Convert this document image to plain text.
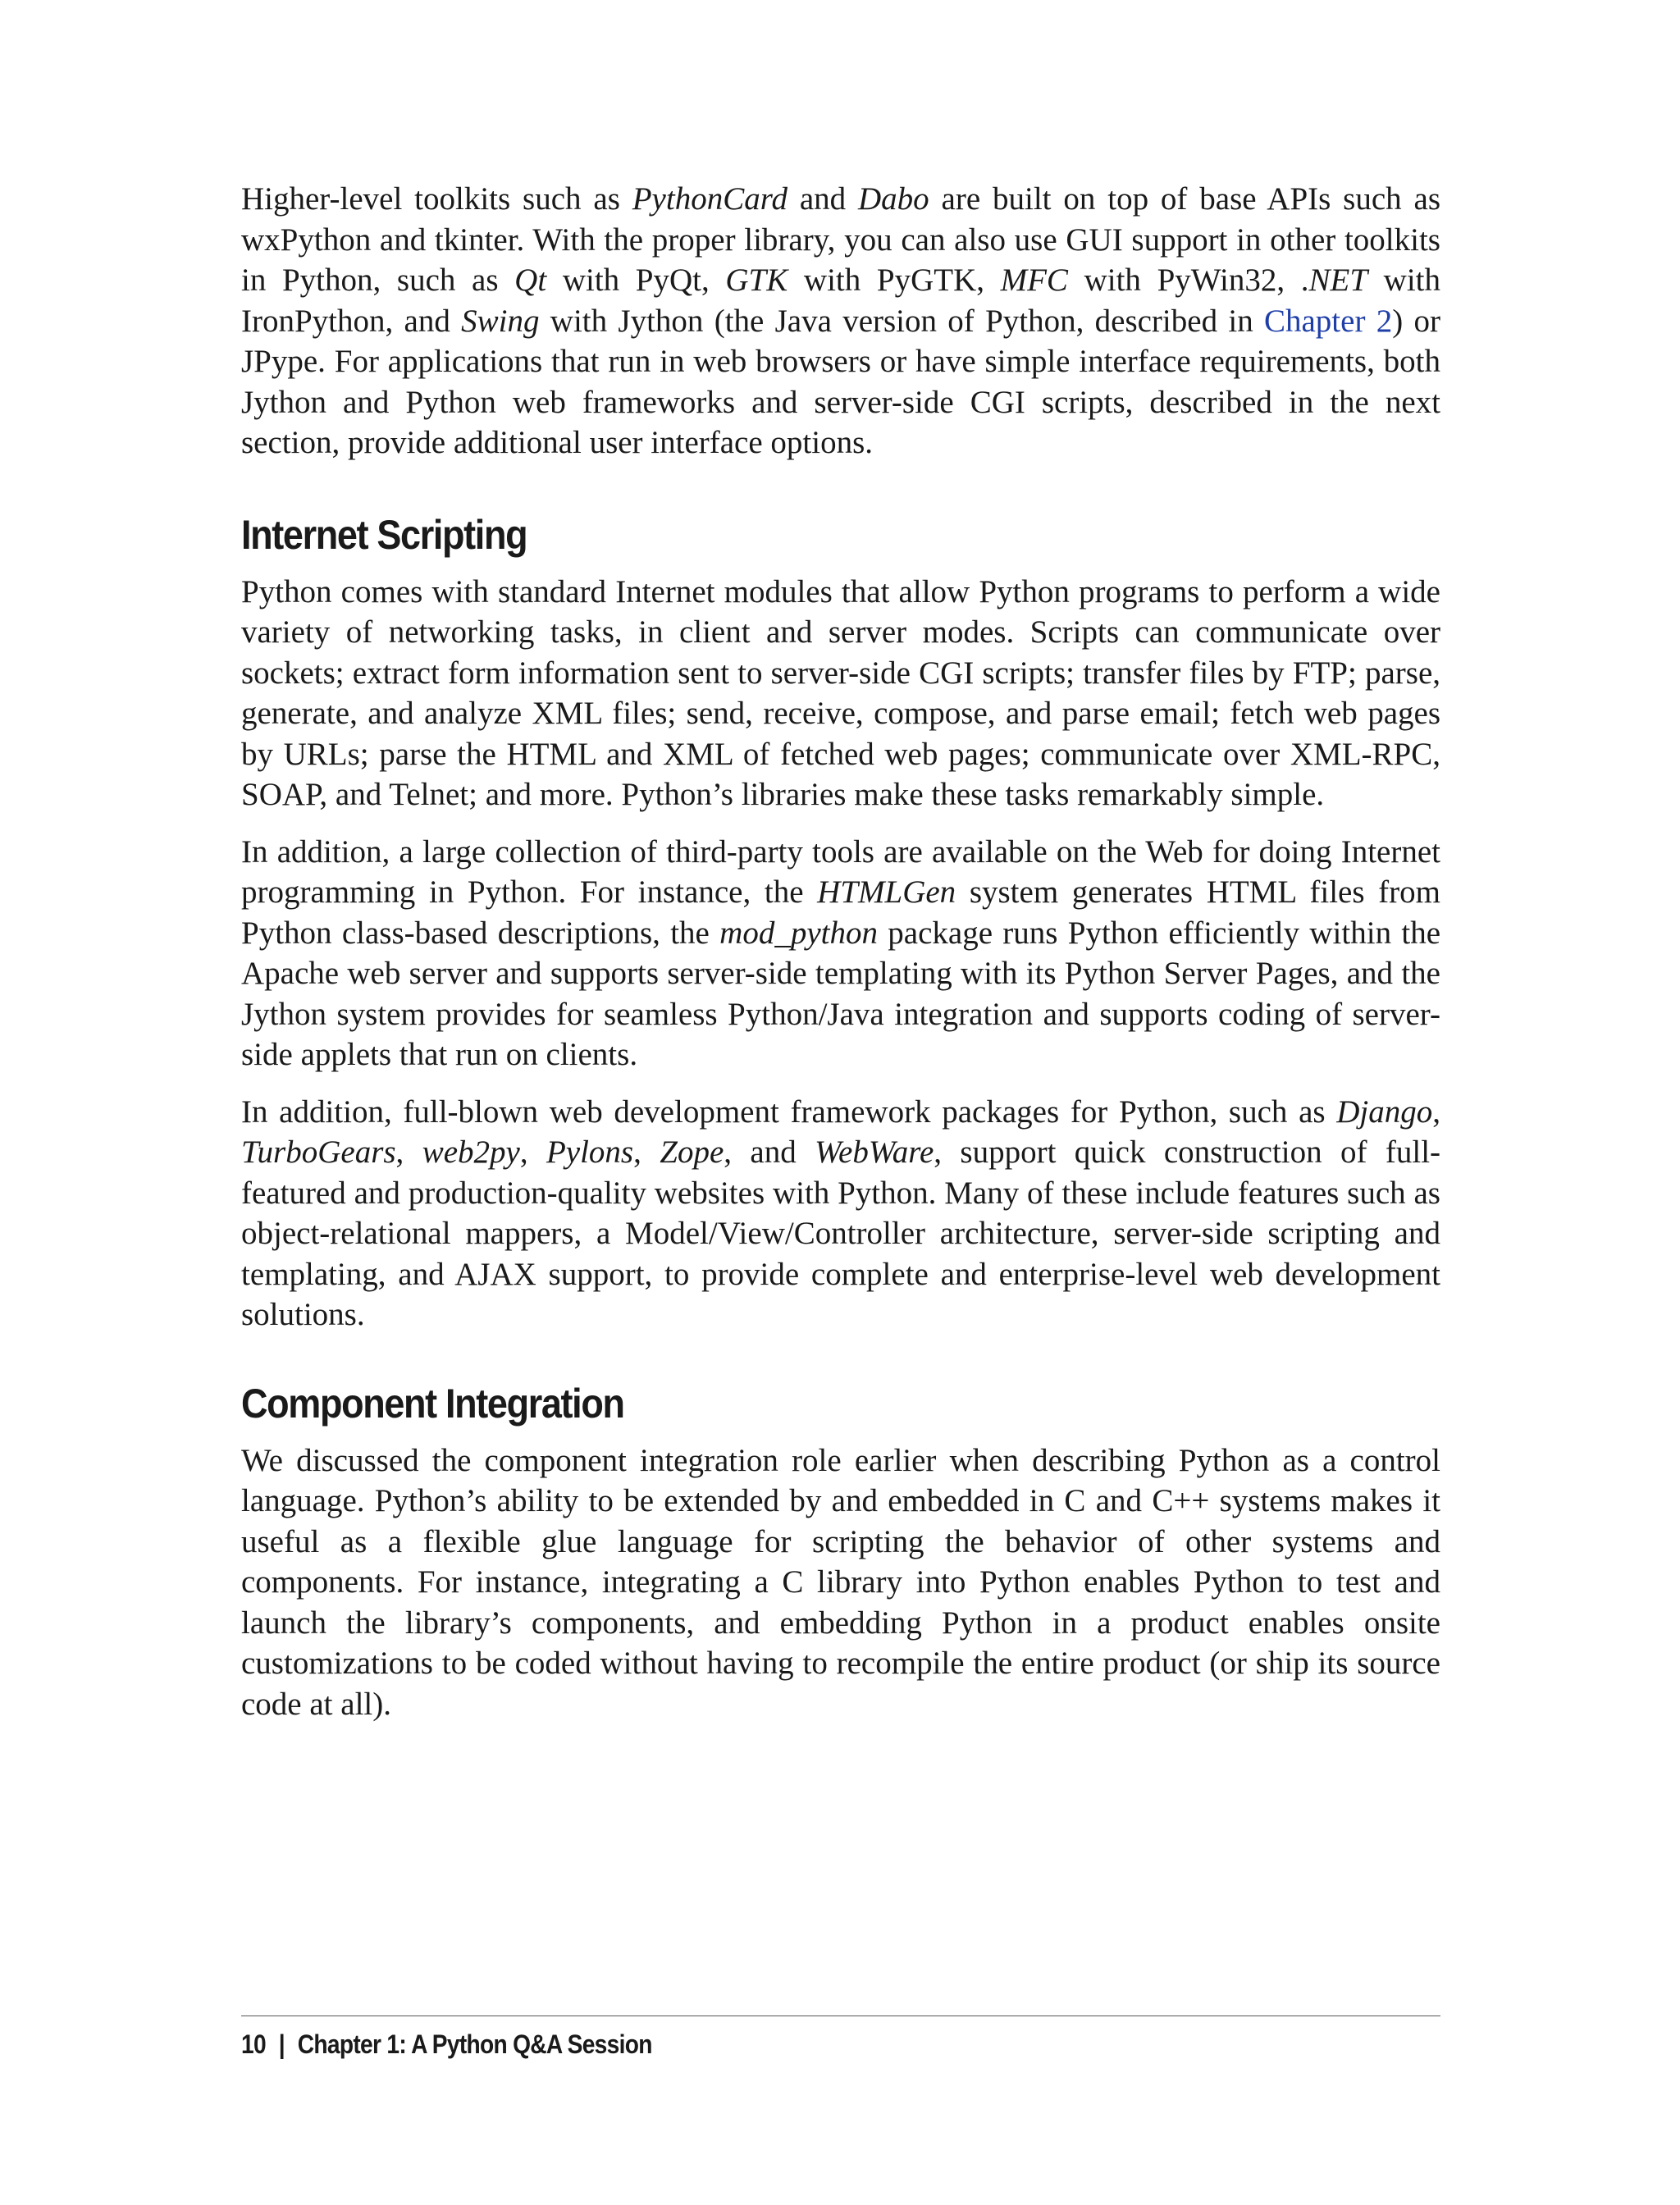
Higher-level toolkits such as PythonCard and Dabo are built on top of base APIs such as wxPython and tkinter. With the proper library, you can also use GUI support in other toolkits in Python, such as Qt with PyQt, GTK with PyGTK, MFC with PyWin32, .NET with IronPython, and Swing with Jython (the Java version of Python, described in Chapter 2) or JPype. For applications that run in web browsers or have simple interface requirements, both Jython and Python web frameworks and server-side CGI scripts, described in the next section, provide additional user interface options.

Internet Scripting

Python comes with standard Internet modules that allow Python programs to perform a wide variety of networking tasks, in client and server modes. Scripts can communicate over sockets; extract form information sent to server-side CGI scripts; transfer files by FTP; parse, generate, and analyze XML files; send, receive, compose, and parse email; fetch web pages by URLs; parse the HTML and XML of fetched web pages; communicate over XML-RPC, SOAP, and Telnet; and more. Python’s libraries make these tasks remarkably simple.

In addition, a large collection of third-party tools are available on the Web for doing Internet programming in Python. For instance, the HTMLGen system generates HTML files from Python class-based descriptions, the mod_python package runs Python efficiently within the Apache web server and supports server-side templating with its Python Server Pages, and the Jython system provides for seamless Python/Java integration and supports coding of server-side applets that run on clients.

In addition, full-blown web development framework packages for Python, such as Django, TurboGears, web2py, Pylons, Zope, and WebWare, support quick construction of full-featured and production-quality websites with Python. Many of these include features such as object-relational mappers, a Model/View/Controller architecture, server-side scripting and templating, and AJAX support, to provide complete and enterprise-level web development solutions.

Component Integration

We discussed the component integration role earlier when describing Python as a control language. Python’s ability to be extended by and embedded in C and C++ systems makes it useful as a flexible glue language for scripting the behavior of other systems and components. For instance, integrating a C library into Python enables Python to test and launch the library’s components, and embedding Python in a product enables onsite customizations to be coded without having to recompile the entire product (or ship its source code at all).

10 | Chapter 1: A Python Q&A Session
